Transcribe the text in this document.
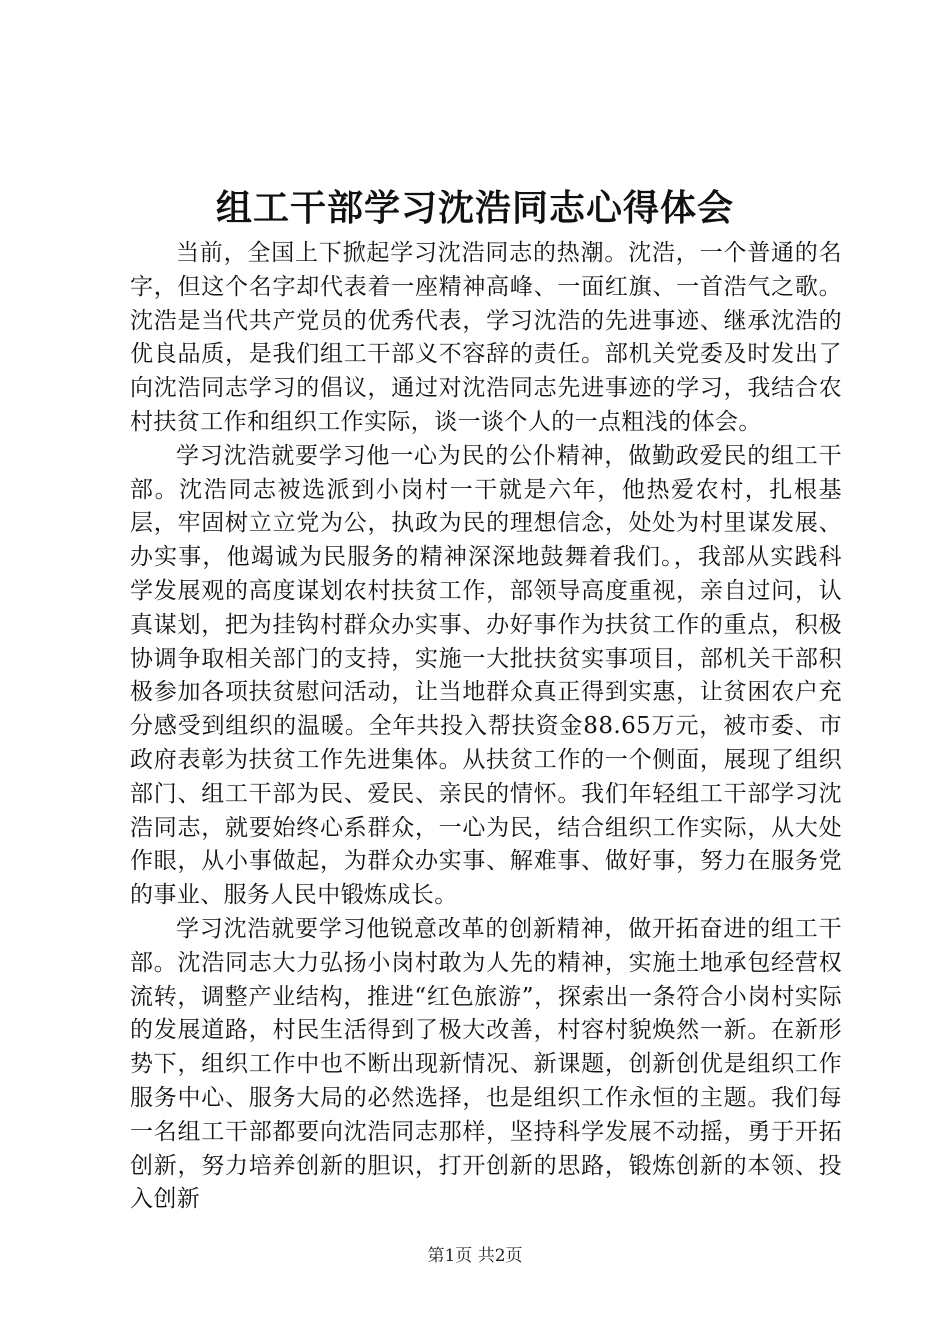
组工干部学习沈浩同志心得体会

当前，全国上下掀起学习沈浩同志的热潮。沈浩，一个普通的名字，但这个名字却代表着一座精神高峰、一面红旗、一首浩气之歌。沈浩是当代共产党员的优秀代表，学习沈浩的先进事迹、继承沈浩的优良品质，是我们组工干部义不容辞的责任。部机关党委及时发出了向沈浩同志学习的倡议，通过对沈浩同志先进事迹的学习，我结合农村扶贫工作和组织工作实际，谈一谈个人的一点粗浅的体会。

学习沈浩就要学习他一心为民的公仆精神，做勤政爱民的组工干部。沈浩同志被选派到小岗村一干就是六年，他热爱农村，扎根基层，牢固树立立党为公，执政为民的理想信念，处处为村里谋发展、办实事，他竭诚为民服务的精神深深地鼓舞着我们。，我部从实践科学发展观的高度谋划农村扶贫工作，部领导高度重视，亲自过问，认真谋划，把为挂钩村群众办实事、办好事作为扶贫工作的重点，积极协调争取相关部门的支持，实施一大批扶贫实事项目，部机关干部积极参加各项扶贫慰问活动，让当地群众真正得到实惠，让贫困农户充分感受到组织的温暖。全年共投入帮扶资金88.65万元，被市委、市政府表彰为扶贫工作先进集体。从扶贫工作的一个侧面，展现了组织部门、组工干部为民、爱民、亲民的情怀。我们年轻组工干部学习沈浩同志，就要始终心系群众，一心为民，结合组织工作实际，从大处作眼，从小事做起，为群众办实事、解难事、做好事，努力在服务党的事业、服务人民中锻炼成长。

学习沈浩就要学习他锐意改革的创新精神，做开拓奋进的组工干部。沈浩同志大力弘扬小岗村敢为人先的精神，实施土地承包经营权流转，调整产业结构，推进“红色旅游”，探索出一条符合小岗村实际的发展道路，村民生活得到了极大改善，村容村貌焕然一新。在新形势下，组织工作中也不断出现新情况、新课题，创新创优是组织工作服务中心、服务大局的必然选择，也是组织工作永恒的主题。我们每一名组工干部都要向沈浩同志那样，坚持科学发展不动摇，勇于开拓创新，努力培养创新的胆识，打开创新的思路，锻炼创新的本领、投入创新

第1页 共2页
